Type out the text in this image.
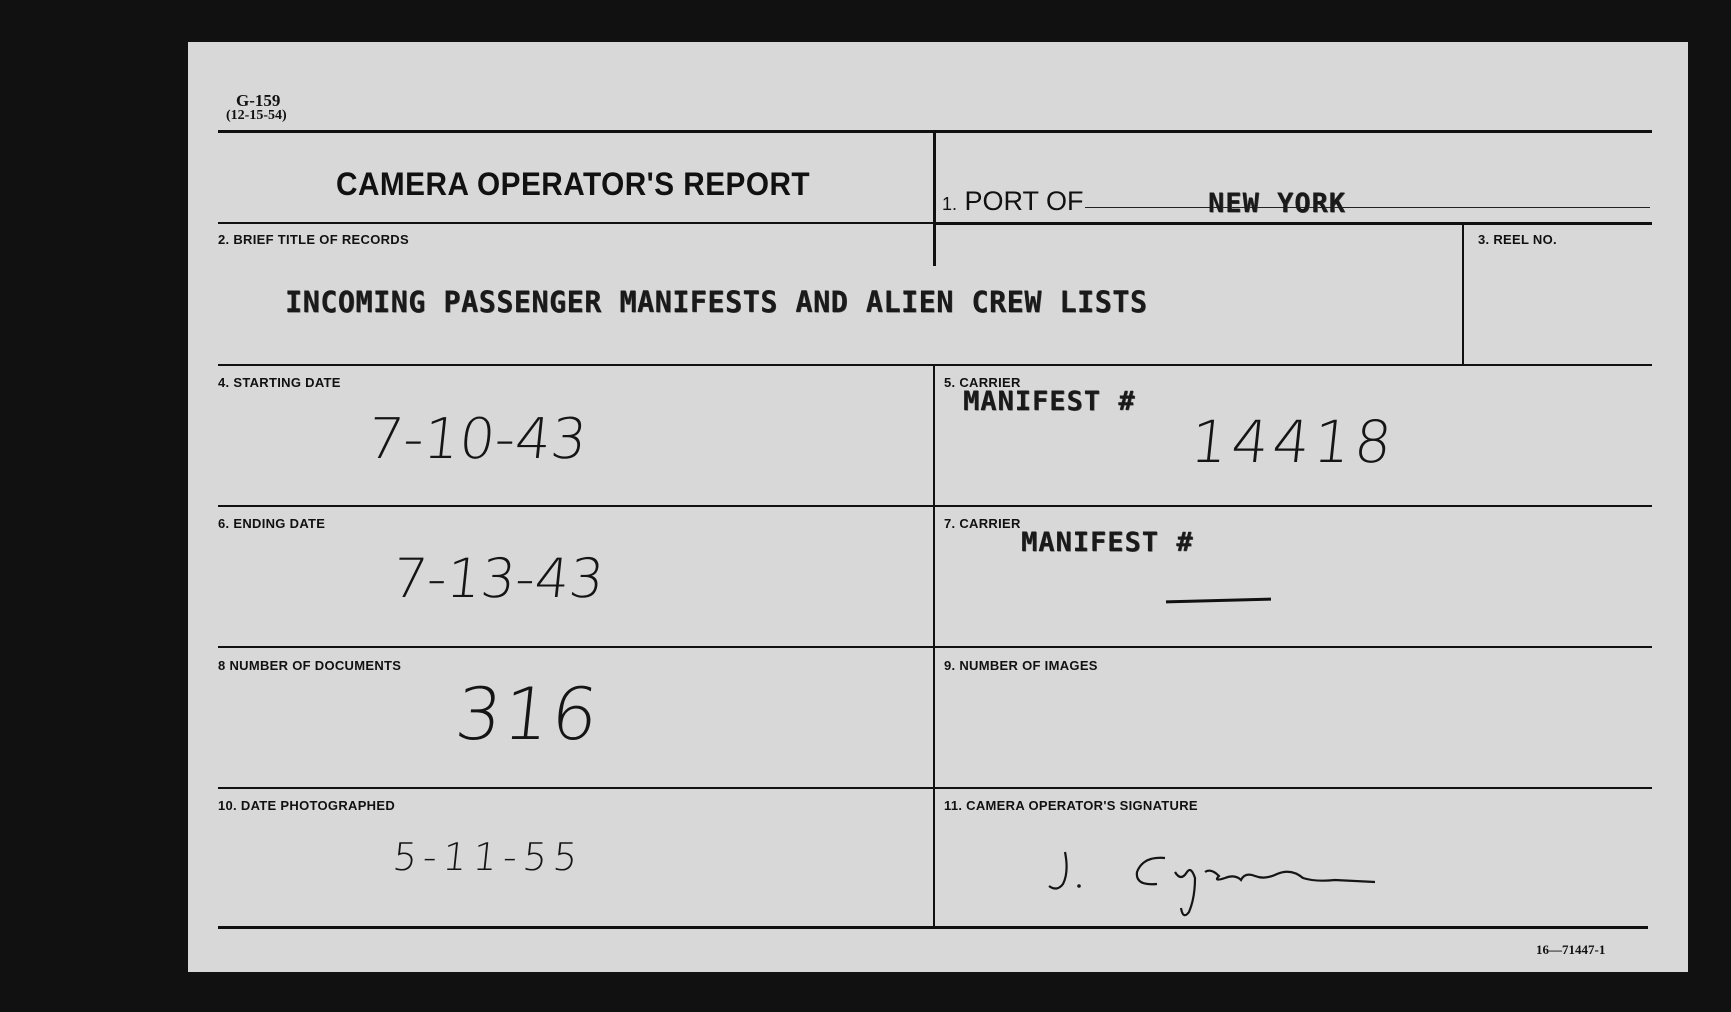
G-159
(12-15-54)
CAMERA OPERATOR'S REPORT
1. PORT OF	NEW YORK
2. BRIEF TITLE OF RECORDS
INCOMING PASSENGER MANIFESTS AND ALIEN CREW LISTS
3. REEL NO.
4. STARTING DATE
7-10-43
5. CARRIER
MANIFEST #
14418
6. ENDING DATE
7-13-43
7. CARRIER
MANIFEST #
8 NUMBER OF DOCUMENTS
316
9. NUMBER OF IMAGES
10. DATE PHOTOGRAPHED
5-11-55
11. CAMERA OPERATOR'S SIGNATURE
16—71447-1
